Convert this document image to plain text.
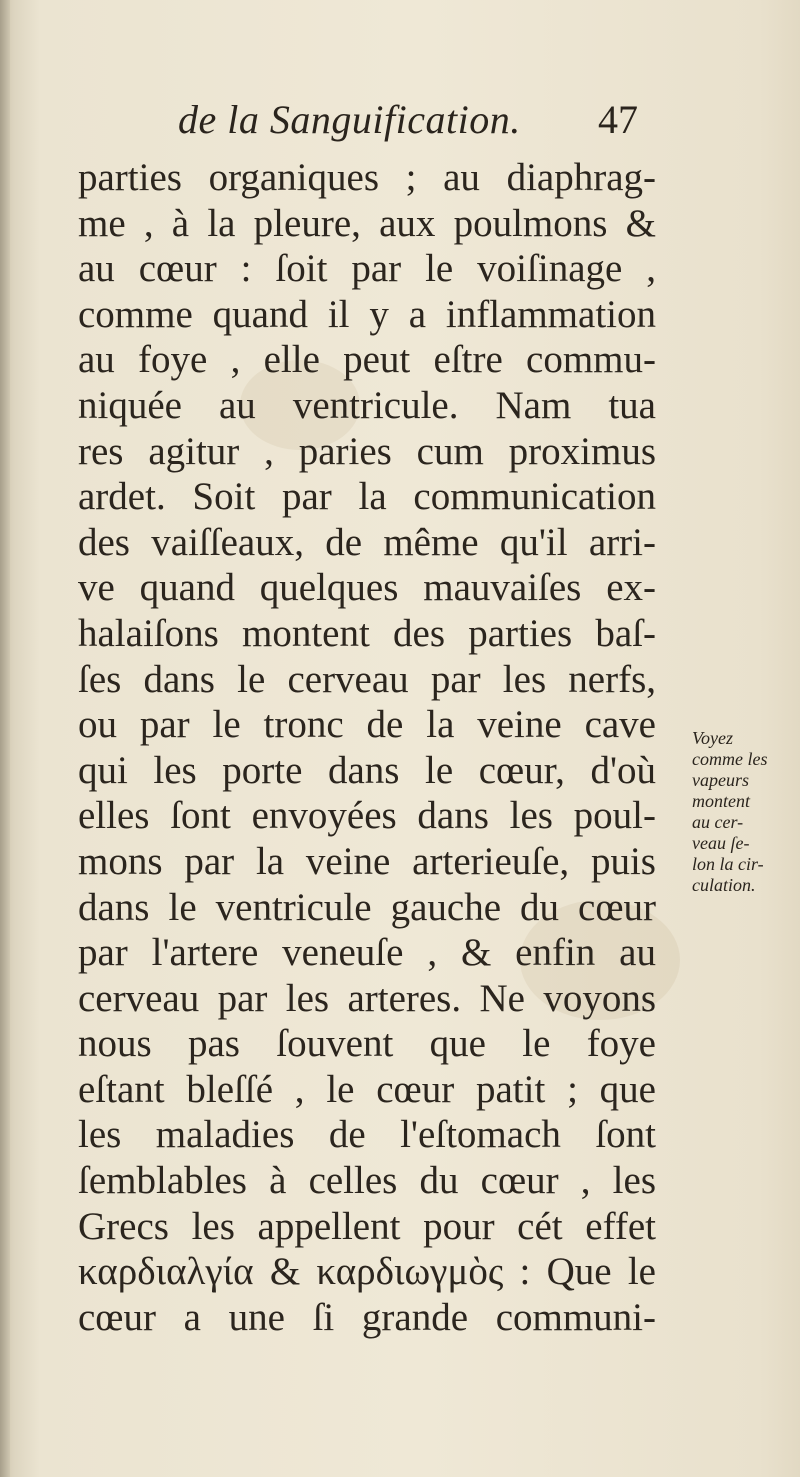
de la Sanguification. 47
parties organiques ; au diaphrag-
me , à la pleure, aux poulmons &
au cœur : ſoit par le voiſinage ,
comme quand il y a inflammation
au foye , elle peut eſtre commu-
niquée au ventricule. Nam tua
res agitur , paries cum proximus
ardet. Soit par la communication
des vaiſſeaux, de même qu'il arri-
ve quand quelques mauvaiſes ex-
halaiſons montent des parties baſ-
ſes dans le cerveau par les nerfs,
ou par le tronc de la veine cave
qui les porte dans le cœur, d'où
elles ſont envoyées dans les poul-
mons par la veine arterieuſe, puis
dans le ventricule gauche du cœur
par l'artere veneuſe , & enfin au
cerveau par les arteres. Ne voyons
nous pas ſouvent que le foye
eſtant bleſſé , le cœur patit ; que
les maladies de l'eſtomach ſont
ſemblables à celles du cœur , les
Grecs les appellent pour cét effet
καρδιαλγία & καρδιωγμὸς : Que le
cœur a une ſi grande communi-
Voyez
comme les
vapeurs
montent
au cer-
veau ſe-
lon la cir-
culation.
